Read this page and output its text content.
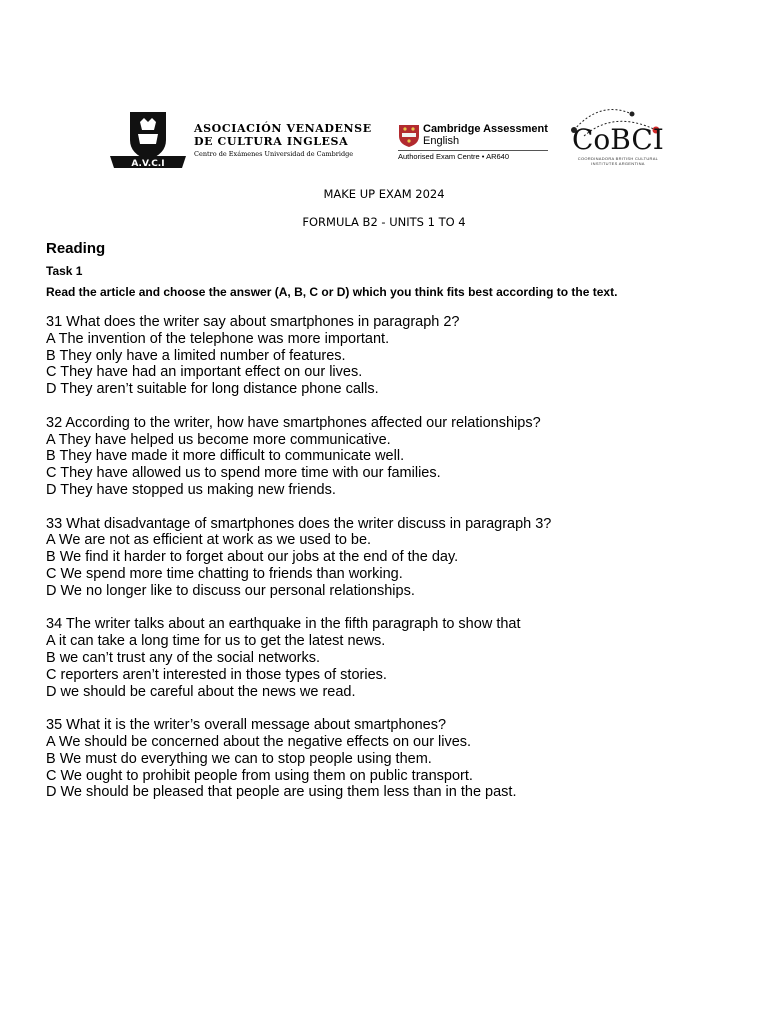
A.V.C.I
ASOCIACIÓN VENADENSE
DE CULTURA INGLESA
Centro de Exámenes Universidad de Cambridge
Cambridge Assessment
English
Authorised Exam Centre • AR640
CoBCI
COORDINADORA BRITISH CULTURAL INSTITUTES ARGENTINA
MAKE UP EXAM 2024
FORMULA B2 - UNITS 1 TO 4
Reading
Task 1
Read the article and choose the answer (A, B, C or D) which you think fits best according to the text.
31 What does the writer say about smartphones in paragraph 2?
A The invention of the telephone was more important.
B They only have a limited number of features.
C They have had an important effect on our lives.
D They aren’t suitable for long distance phone calls.
32 According to the writer, how have smartphones affected our relationships?
A They have helped us become more communicative.
B They have made it more difficult to communicate well.
C They have allowed us to spend more time with our families.
D They have stopped us making new friends.
33 What disadvantage of smartphones does the writer discuss in paragraph 3?
A We are not as efficient at work as we used to be.
B We find it harder to forget about our jobs at the end of the day.
C We spend more time chatting to friends than working.
D We no longer like to discuss our personal relationships.
34 The writer talks about an earthquake in the fifth paragraph to show that
A it can take a long time for us to get the latest news.
B we can’t trust any of the social networks.
C reporters aren’t interested in those types of stories.
D we should be careful about the news we read.
35 What it is the writer’s overall message about smartphones?
A We should be concerned about the negative effects on our lives.
B We must do everything we can to stop people using them.
C We ought to prohibit people from using them on public transport.
D We should be pleased that people are using them less than in the past.
